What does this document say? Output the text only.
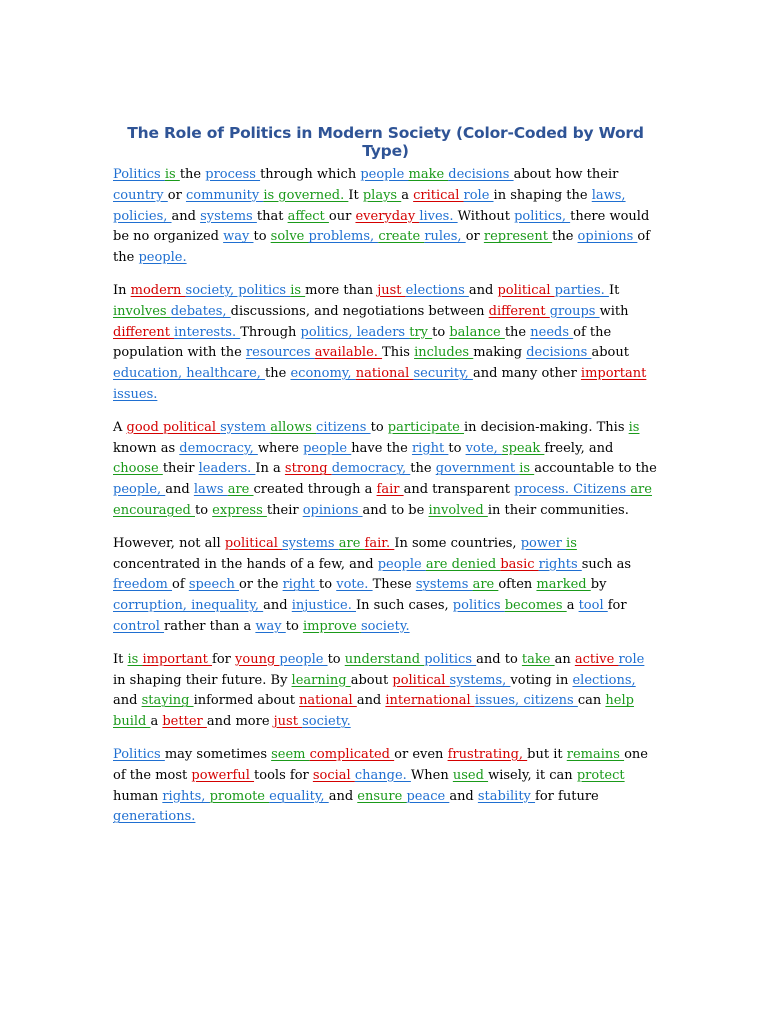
The Role of Politics in Modern Society (Color-Coded by Word Type)

Politics is the process through which people make decisions about how their country or community is governed. It plays a critical role in shaping the laws, policies, and systems that affect our everyday lives. Without politics, there would be no organized way to solve problems, create rules, or represent the opinions of the people.

In modern society, politics is more than just elections and political parties. It involves debates, discussions, and negotiations between different groups with different interests. Through politics, leaders try to balance the needs of the population with the resources available. This includes making decisions about education, healthcare, the economy, national security, and many other important issues.

A good political system allows citizens to participate in decision-making. This is known as democracy, where people have the right to vote, speak freely, and choose their leaders. In a strong democracy, the government is accountable to the people, and laws are created through a fair and transparent process. Citizens are encouraged to express their opinions and to be involved in their communities.

However, not all political systems are fair. In some countries, power is concentrated in the hands of a few, and people are denied basic rights such as freedom of speech or the right to vote. These systems are often marked by corruption, inequality, and injustice. In such cases, politics becomes a tool for control rather than a way to improve society.

It is important for young people to understand politics and to take an active role in shaping their future. By learning about political systems, voting in elections, and staying informed about national and international issues, citizens can help build a better and more just society.

Politics may sometimes seem complicated or even frustrating, but it remains one of the most powerful tools for social change. When used wisely, it can protect human rights, promote equality, and ensure peace and stability for future generations.
